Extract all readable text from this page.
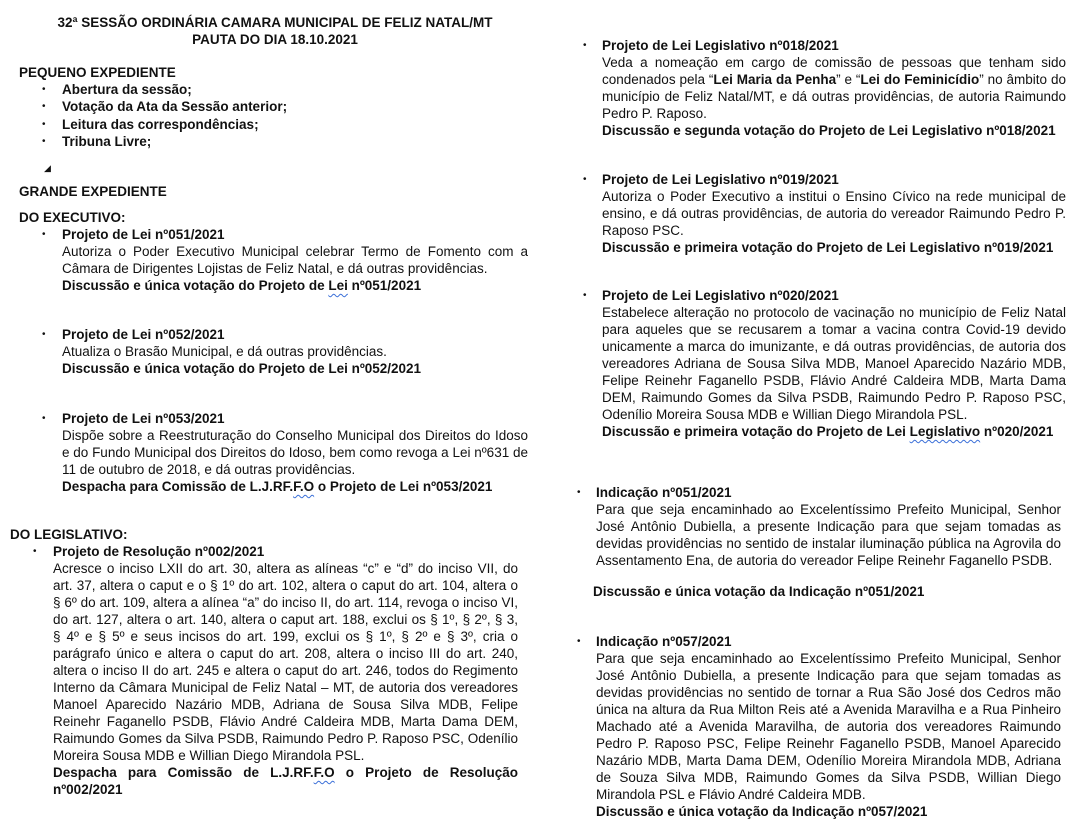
32ª SESSÃO ORDINÁRIA CAMARA MUNICIPAL DE FELIZ NATAL/MT
PAUTA DO DIA 18.10.2021
PEQUENO EXPEDIENTE
• Abertura da sessão;
• Votação da Ata da Sessão anterior;
• Leitura das correspondências;
• Tribuna Livre;
◢
GRANDE EXPEDIENTE
DO EXECUTIVO:
• Projeto de Lei nº051/2021
Autoriza o Poder Executivo Municipal celebrar Termo de Fomento com a Câmara de Dirigentes Lojistas de Feliz Natal, e dá outras providências.
Discussão e única votação do Projeto de Lei nº051/2021
• Projeto de Lei nº052/2021
Atualiza o Brasão Municipal, e dá outras providências.
Discussão e única votação do Projeto de Lei nº052/2021
• Projeto de Lei nº053/2021
Dispõe sobre a Reestruturação do Conselho Municipal dos Direitos do Idoso e do Fundo Municipal dos Direitos do Idoso, bem como revoga a Lei nº631 de 11 de outubro de 2018, e dá outras providências.
Despacha para Comissão de L.J.RF.F.O o Projeto de Lei nº053/2021
DO LEGISLATIVO:
• Projeto de Resolução nº002/2021
Acresce o inciso LXII do art. 30, altera as alíneas “c” e “d” do inciso VII, do art. 37, altera o caput e o § 1º do art. 102, altera o caput do art. 104, altera o § 6º do art. 109, altera a alínea “a” do inciso II, do art. 114, revoga o inciso VI, do art. 127, altera o art. 140, altera o caput art. 188, exclui os § 1º, § 2º, § 3, § 4º e § 5º e seus incisos do art. 199, exclui os § 1º, § 2º e § 3º, cria o parágrafo único e altera o caput do art. 208, altera o inciso III do art. 240, altera o inciso II do art. 245 e altera o caput do art. 246, todos do Regimento Interno da Câmara Municipal de Feliz Natal – MT, de autoria dos vereadores Manoel Aparecido Nazário MDB, Adriana de Sousa Silva MDB, Felipe Reinehr Faganello PSDB, Flávio André Caldeira MDB, Marta Dama DEM, Raimundo Gomes da Silva PSDB, Raimundo Pedro P. Raposo PSC, Odenílio Moreira Sousa MDB e Willian Diego Mirandola PSL.
Despacha para Comissão de L.J.RF.F.O o Projeto de Resolução nº002/2021
• Projeto de Lei Legislativo nº018/2021
Veda a nomeação em cargo de comissão de pessoas que tenham sido condenados pela “Lei Maria da Penha” e “Lei do Feminicídio” no âmbito do município de Feliz Natal/MT, e dá outras providências, de autoria Raimundo Pedro P. Raposo.
Discussão e segunda votação do Projeto de Lei Legislativo nº018/2021
• Projeto de Lei Legislativo nº019/2021
Autoriza o Poder Executivo a institui o Ensino Cívico na rede municipal de ensino, e dá outras providências, de autoria do vereador Raimundo Pedro P. Raposo PSC.
Discussão e primeira votação do Projeto de Lei Legislativo nº019/2021
• Projeto de Lei Legislativo nº020/2021
Estabelece alteração no protocolo de vacinação no município de Feliz Natal para aqueles que se recusarem a tomar a vacina contra Covid-19 devido unicamente a marca do imunizante, e dá outras providências, de autoria dos vereadores Adriana de Sousa Silva MDB, Manoel Aparecido Nazário MDB, Felipe Reinehr Faganello PSDB, Flávio André Caldeira MDB, Marta Dama DEM, Raimundo Gomes da Silva PSDB, Raimundo Pedro P. Raposo PSC, Odenílio Moreira Sousa MDB e Willian Diego Mirandola PSL.
Discussão e primeira votação do Projeto de Lei Legislativo nº020/2021
• Indicação nº051/2021
Para que seja encaminhado ao Excelentíssimo Prefeito Municipal, Senhor José Antônio Dubiella, a presente Indicação para que sejam tomadas as devidas providências no sentido de instalar iluminação pública na Agrovila do Assentamento Ena, de autoria do vereador Felipe Reinehr Faganello PSDB.
Discussão e única votação da Indicação nº051/2021
• Indicação nº057/2021
Para que seja encaminhado ao Excelentíssimo Prefeito Municipal, Senhor José Antônio Dubiella, a presente Indicação para que sejam tomadas as devidas providências no sentido de tornar a Rua São José dos Cedros mão única na altura da Rua Milton Reis até a Avenida Maravilha e a Rua Pinheiro Machado até a Avenida Maravilha, de autoria dos vereadores Raimundo Pedro P. Raposo PSC, Felipe Reinehr Faganello PSDB, Manoel Aparecido Nazário MDB, Marta Dama DEM, Odenílio Moreira Mirandola MDB, Adriana de Souza Silva MDB, Raimundo Gomes da Silva PSDB, Willian Diego Mirandola PSL e Flávio André Caldeira MDB.
Discussão e única votação da Indicação nº057/2021
